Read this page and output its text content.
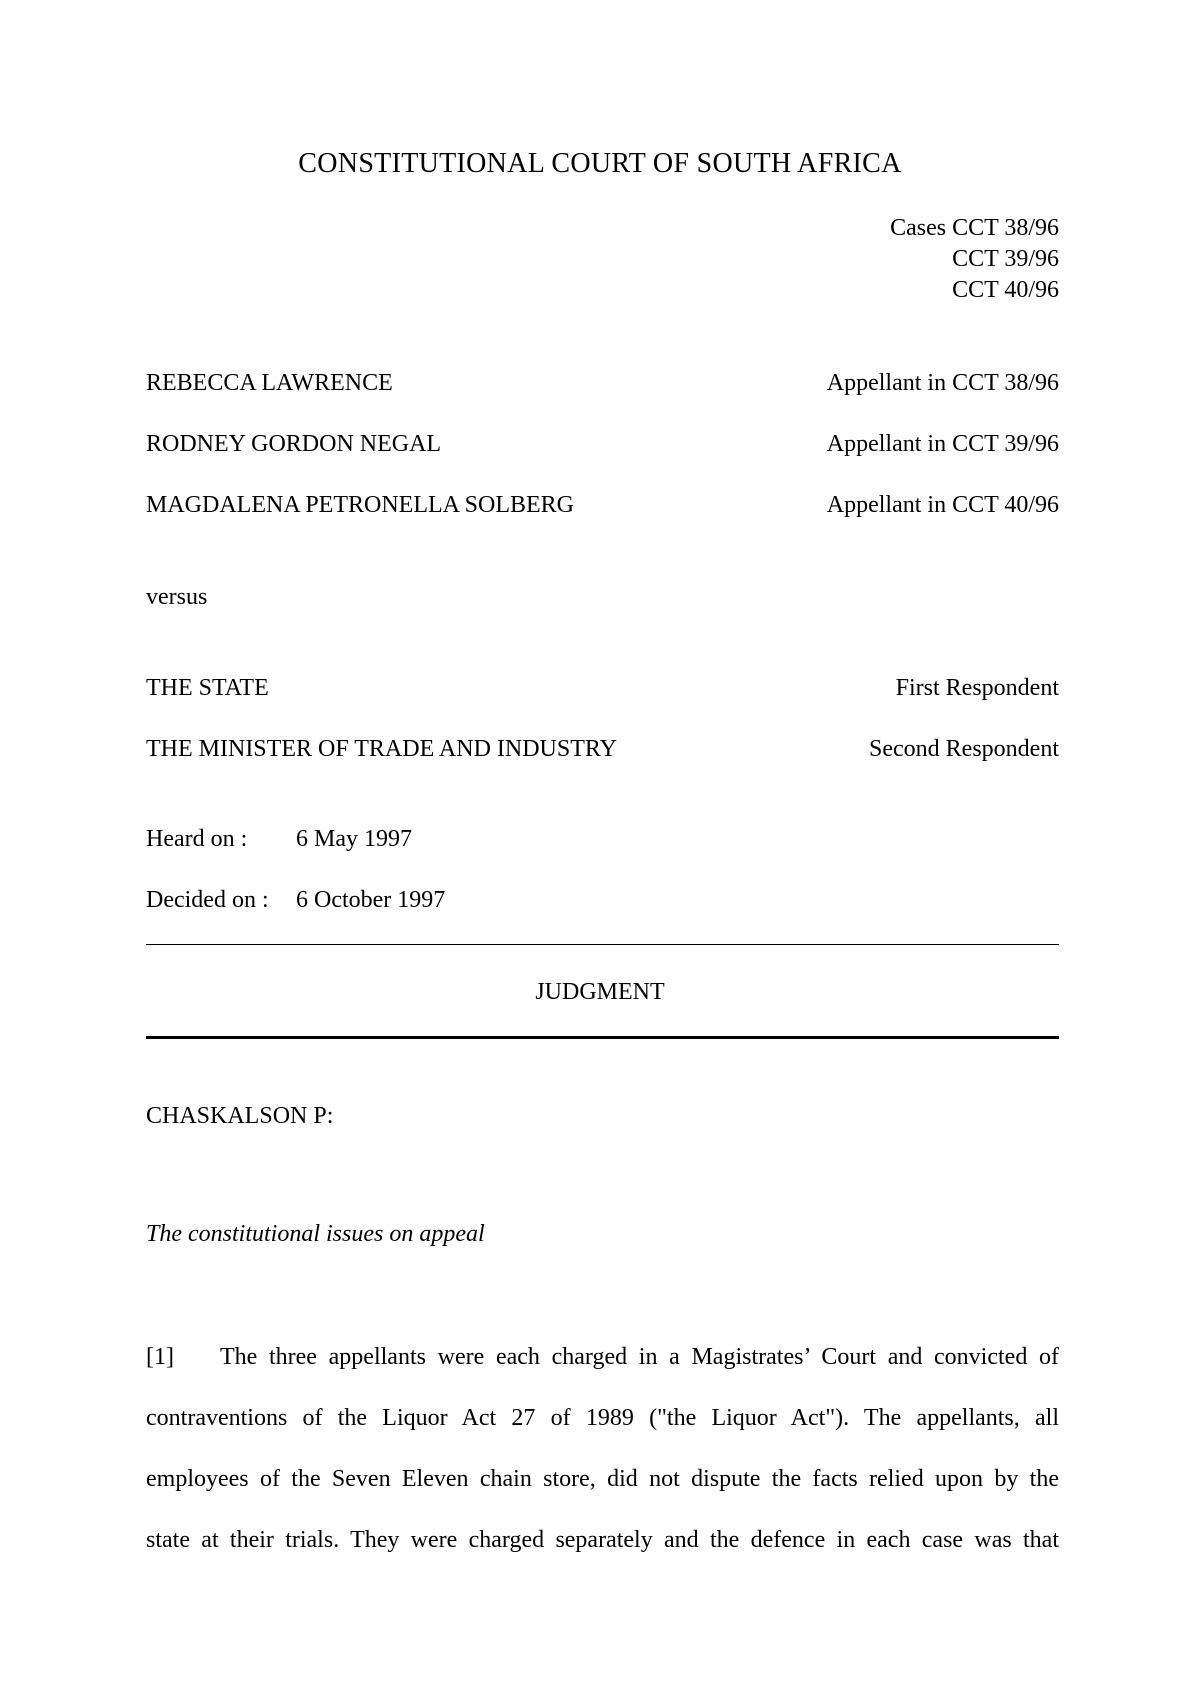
CONSTITUTIONAL COURT OF SOUTH AFRICA
Cases CCT 38/96
CCT 39/96
CCT 40/96
REBECCA LAWRENCE	Appellant in CCT 38/96
RODNEY GORDON NEGAL	Appellant in CCT 39/96
MAGDALENA PETRONELLA SOLBERG	Appellant in CCT 40/96
versus
THE STATE	First Respondent
THE MINISTER OF TRADE AND INDUSTRY	Second Respondent
Heard on : 6 May 1997
Decided on : 6 October 1997
JUDGMENT
CHASKALSON P:
The constitutional issues on appeal
[1] The three appellants were each charged in a Magistrates’ Court and convicted of
contraventions of the Liquor Act 27 of 1989 ("the Liquor Act"). The appellants, all
employees of the Seven Eleven chain store, did not dispute the facts relied upon by the
state at their trials. They were charged separately and the defence in each case was that
